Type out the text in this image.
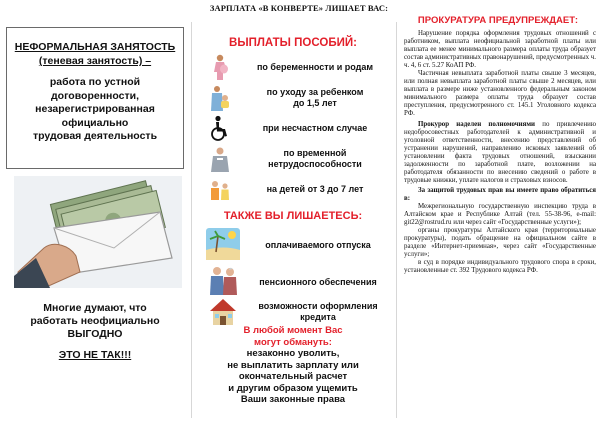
ЗАРПЛАТА «В КОНВЕРТЕ» ЛИШАЕТ ВАС:
НЕФОРМАЛЬНАЯ ЗАНЯТОСТЬ
(теневая занятость) –
работа по устной
договоренности,
незарегистрированная
официально
трудовая деятельность
Многие думают, что
работать неофициально
ВЫГОДНО
ЭТО НЕ ТАК!!!
ВЫПЛАТЫ ПОСОБИЙ:
по беременности и родам
по уходу за ребенком
до 1,5 лет
при несчастном случае
по временной
нетрудоспособности
на детей от 3 до 7 лет
ТАКЖЕ ВЫ ЛИШАЕТЕСЬ:
оплачиваемого отпуска
пенсионного обеспечения
возможности оформления
кредита
В любой момент Вас
могут обмануть:
незаконно уволить,
не выплатить зарплату или
окончательный расчет
и другим образом ущемить
Ваши законные права
ПРОКУРАТУРА ПРЕДУПРЕЖДАЕТ:

Нарушение порядка оформления трудовых отношений с работником, выплата неофициальной заработной платы или выплата ее менее минимального размера оплаты труда образует состав административных правонарушений, предусмотренных ч. ч. 4, 6 ст. 5.27 КоАП РФ.

Частичная невыплата заработной платы свыше 3 месяцев, или полная невыплата заработной платы свыше 2 месяцев, или выплата в размере ниже установленного федеральным законом минимального размера оплаты труда образует состав преступления, предусмотренного ст. 145.1 Уголовного кодекса РФ.

Прокурор наделен полномочиями по привлечению недобросовестных работодателей к административной и уголовной ответственности, внесению представлений об устранении нарушений, направлению исковых заявлений об установлении факта трудовых отношений, взыскании задолженности по заработной плате, возложении на работодателя обязанности по внесению сведений о работе в трудовые книжки, уплате налогов и страховых взносов.

За защитой трудовых прав вы имеете право обратиться в:

Межрегиональную государственную инспекцию труда в Алтайском крае и Республике Алтай (тел. 55-38-96, e-mail: git22@rostrud.ru или через сайт «Государственные услуги»);

органы прокуратуры Алтайского края (территориальные прокуратуры), подать обращение на официальном сайте в разделе «Интернет-приемная», через сайт «Государственные услуги»;

в суд в порядке индивидуального трудового спора в сроки, установленные ст. 392 Трудового кодекса РФ.
